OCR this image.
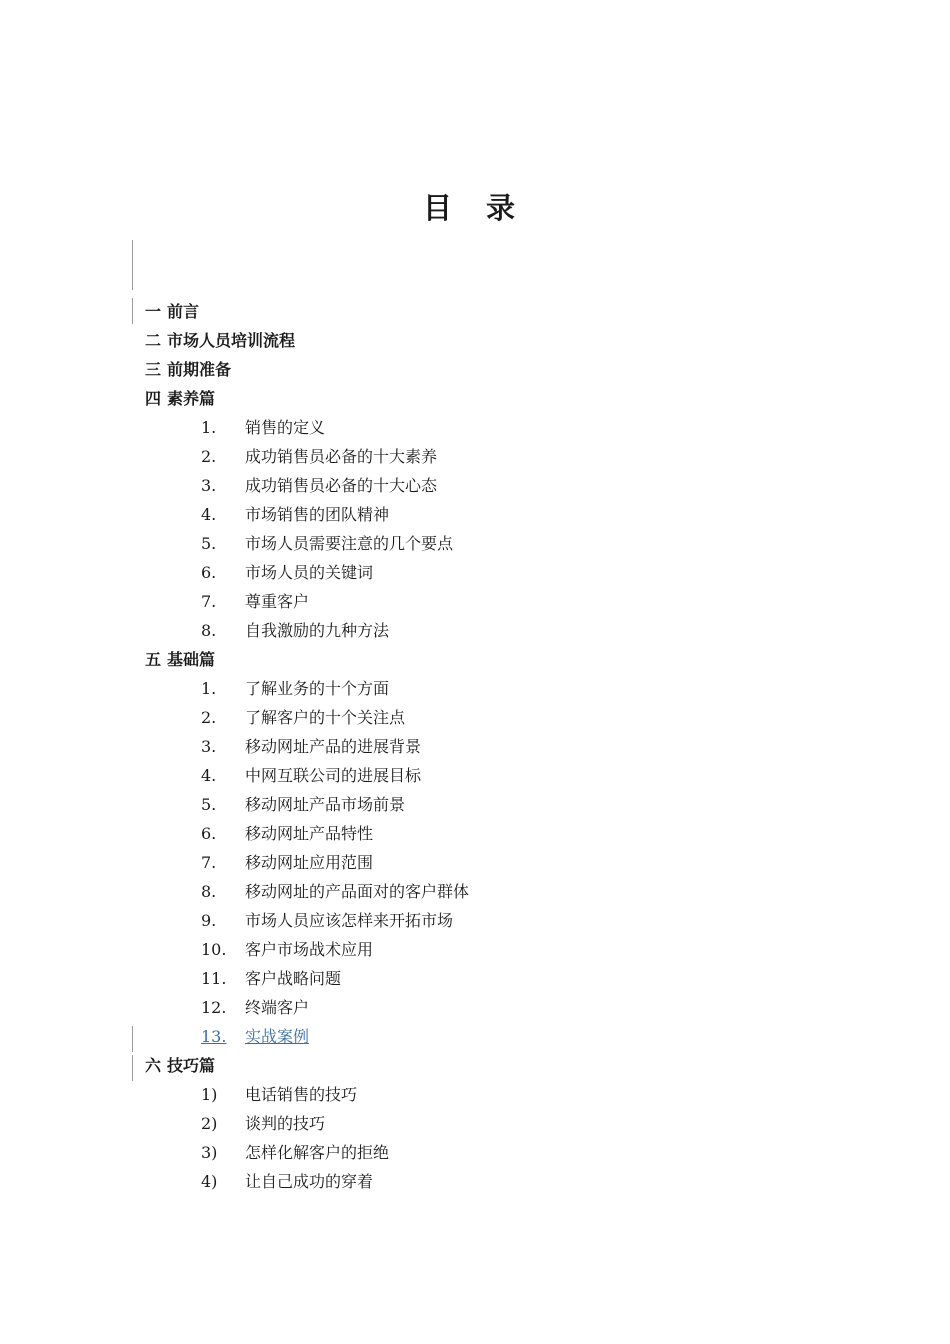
目 录
一 前言
二 市场人员培训流程
三 前期准备
四 素养篇
1. 销售的定义
2. 成功销售员必备的十大素养
3. 成功销售员必备的十大心态
4. 市场销售的团队精神
5. 市场人员需要注意的几个要点
6. 市场人员的关键词
7. 尊重客户
8. 自我激励的九种方法
五 基础篇
1. 了解业务的十个方面
2. 了解客户的十个关注点
3. 移动网址产品的进展背景
4. 中网互联公司的进展目标
5. 移动网址产品市场前景
6. 移动网址产品特性
7. 移动网址应用范围
8. 移动网址的产品面对的客户群体
9. 市场人员应该怎样来开拓市场
10. 客户市场战术应用
11. 客户战略问题
12. 终端客户
13. 实战案例
六 技巧篇
1) 电话销售的技巧
2) 谈判的技巧
3) 怎样化解客户的拒绝
4) 让自己成功的穿着
